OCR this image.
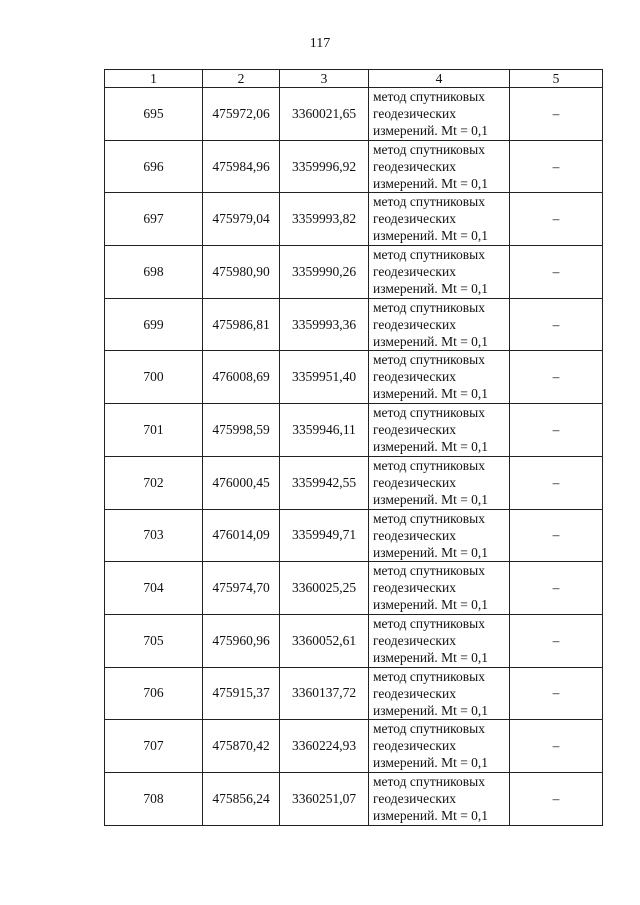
117
1	2	3	4	5
695	475972,06	3360021,65	метод спутниковых
геодезических
измерений. Mt = 0,1	–
696	475984,96	3359996,92	метод спутниковых
геодезических
измерений. Mt = 0,1	–
697	475979,04	3359993,82	метод спутниковых
геодезических
измерений. Mt = 0,1	–
698	475980,90	3359990,26	метод спутниковых
геодезических
измерений. Mt = 0,1	–
699	475986,81	3359993,36	метод спутниковых
геодезических
измерений. Mt = 0,1	–
700	476008,69	3359951,40	метод спутниковых
геодезических
измерений. Mt = 0,1	–
701	475998,59	3359946,11	метод спутниковых
геодезических
измерений. Mt = 0,1	–
702	476000,45	3359942,55	метод спутниковых
геодезических
измерений. Mt = 0,1	–
703	476014,09	3359949,71	метод спутниковых
геодезических
измерений. Mt = 0,1	–
704	475974,70	3360025,25	метод спутниковых
геодезических
измерений. Mt = 0,1	–
705	475960,96	3360052,61	метод спутниковых
геодезических
измерений. Mt = 0,1	–
706	475915,37	3360137,72	метод спутниковых
геодезических
измерений. Mt = 0,1	–
707	475870,42	3360224,93	метод спутниковых
геодезических
измерений. Mt = 0,1	–
708	475856,24	3360251,07	метод спутниковых
геодезических
измерений. Mt = 0,1	–
